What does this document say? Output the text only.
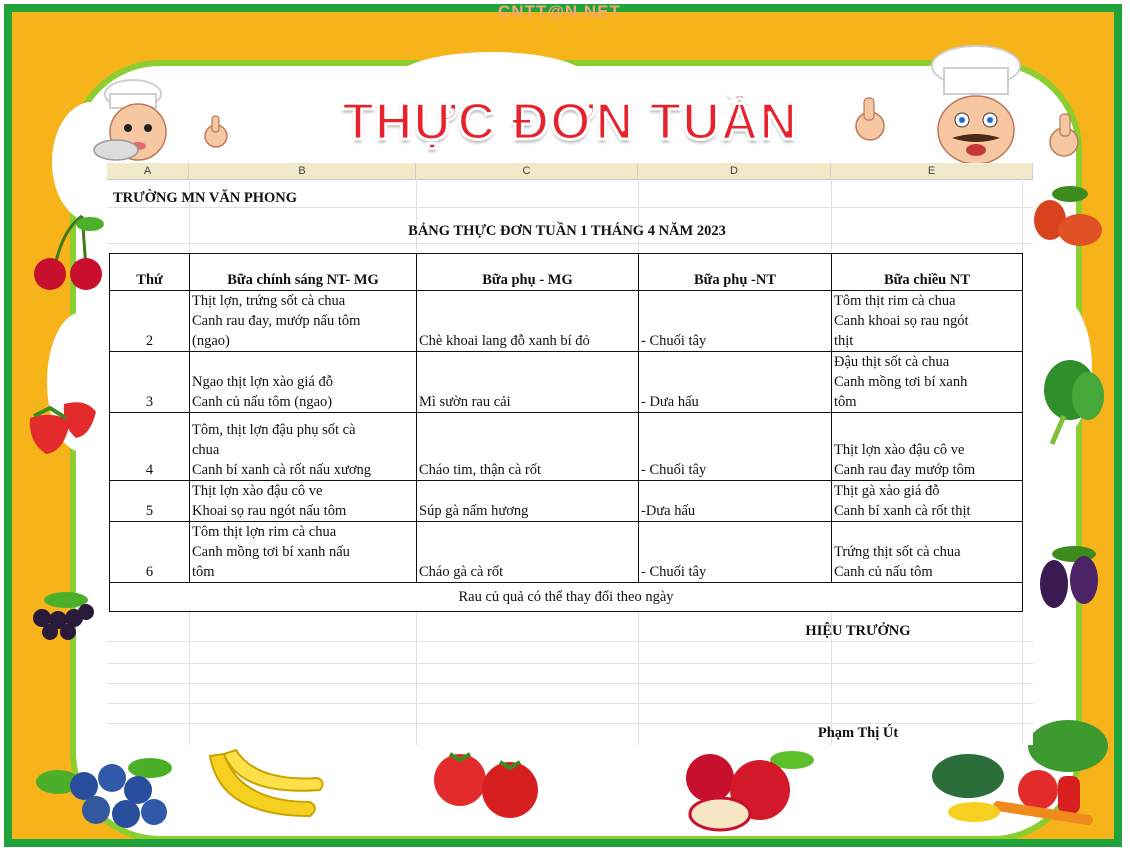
CNTT@N.NET
THỰC ĐƠN TUẦN
A	B	C	D	E
TRƯỜNG MN VĂN PHONG
BẢNG THỰC ĐƠN TUẦN 1 THÁNG 4 NĂM 2023
Thứ	Bữa chính sáng NT- MG	Bữa phụ - MG	Bữa phụ -NT	Bữa chiều NT
2	Thịt lợn, trứng sốt cà chua
Canh rau đay, mướp nấu tôm
(ngao)	Chè khoai lang đỗ xanh bí đỏ	- Chuối tây	Tôm thịt rim cà chua
Canh khoai sọ rau ngót
thịt

3	Ngao thịt lợn xào giá đỗ
Canh củ nấu tôm (ngao)	Mì sườn rau cải	- Dưa hấu	Đậu thịt sốt cà chua
Canh mồng tơi bí xanh
tôm

4	Tôm, thịt lợn đậu phụ sốt cà
chua
Canh bí xanh cà rốt nấu xương	Cháo tim, thận cà rốt	- Chuối tây	Thịt lợn xào đậu cô ve
Canh rau đay mướp tôm

5	Thịt lợn xào đậu cô ve
Khoai sọ rau ngót nấu tôm	Súp gà nấm hương	-Dưa hấu	Thịt gà xào giá đỗ
Canh bí xanh cà rốt thịt

6	Tôm thịt lợn rim cà chua
Canh mồng tơi bí xanh nấu
tôm	Cháo gà cà rốt	- Chuối tây	Trứng thịt sốt cà chua
Canh củ nấu tôm

Rau củ quả có thể thay đổi theo ngày				
HIỆU TRƯỞNG
Phạm Thị Út
